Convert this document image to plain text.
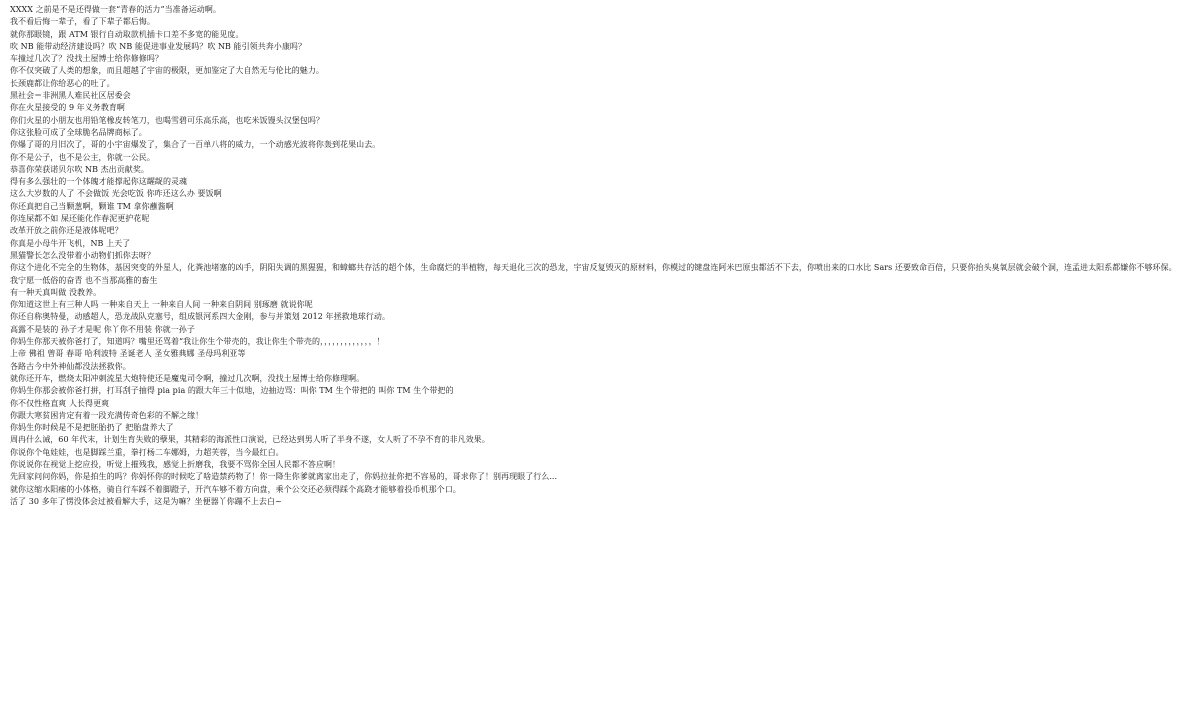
XXXX 之前是不是还得做一套“青春的活力”当准备运动啊。
我不看后悔一辈子，看了下辈子都后悔。
就你那眼镜，跟 ATM 银行自动取款机插卡口差不多宽的能见度。
吹 NB 能带动经济建设吗？吹 NB 能促进事业发展吗？吹 NB 能引领共奔小康吗？
车撞过几次了？没找土屋博士给你修修吗？
你不仅突破了人类的想象，而且超越了宇宙的极限，更加鉴定了大自然无与伦比的魅力。
长颈鹿都让你给恶心的吐了。
黑社会＝非洲黑人难民社区居委会
你在火星接受的 9 年义务教育啊
你们火星的小朋友也用铅笔橡皮转笔刀，也喝雪碧可乐高乐高，也吃米饭馒头汉堡包吗？
你这张脸可成了全球脆名品牌商标了。
你爆了哥的月旧次了，哥的小宇宙爆发了，集合了一百单八将的威力，一个动感光波将你轰到花果山去。
你不是公子，也不是公主，你就一公民。
恭喜你荣获诺贝尔吹 NB 杰出贡献奖。
得有多么强壮的一个体魄才能撑起你这龌龊的灵魂
这么大岁数的人了 不会做饭 光会吃饭 你咋还这么办 要饭啊
你还真把自己当颗葱啊，颗谁 TM 拿你蘸酱啊
你连屎都不如 屎还能化作春泥更护花呢
改革开放之前你还是液体呢吧？
你真是小母牛开飞机，NB 上天了
黑猫警长怎么没带着小动物们抓你去呀？
你这个进化不完全的生物体，基因突变的外星人，化粪池堵塞的凶手，阴阳失调的黑猩猩，和蟑螂共存活的超个体，生命腐烂的半植物，每天退化三次的恐龙，宇宙反复毁灭的原材料，你模过的键盘连阿米巴原虫都活不下去，你喷出来的口水比 Sars 还要致命百倍，只要你抬头臭氧层就会破个洞，连孟进太阳系都嫌你不够环保。
我宁愿一低俗的奋青 也不当那高雅的畜生
有一种天真叫做 没教养。
你知道这世上有三种人吗 一种来自天上 一种来自人间 一种来自阴间 别琢磨 就说你呢
你还自称奥特曼，动感超人，恐龙战队克塞号，组成银河系四大金刚，参与并策划 2012 年拯救地球行动。
高露不是装的 孙子才是呢 你丫你不用装 你就一孙子
你妈生你那天被你爸打了，知道吗？嘴里还骂着“我让你生个带壳的，我让你生个带壳的，，，，，，，，，，，，，！
上帝 佛祖 曾哥 春哥 哈利波特 圣诞老人 圣女雅典娜 圣母玛利亚等
各路古今中外神仙都没法拯救你。
就你还开车，燃烧太阳冲刺流星大炮特使还是魔鬼司令啊，撞过几次啊，没找土屋博士给你修理啊。
你妈生你那会被你爸打拼，打耳刮子抽得 pia pia 的跟大年三十似地，边抽边骂：叫你 TM 生个带把的 叫你 TM 生个带把的
你不仅性格直爽 人长得更爽
你跟大寒贫困肯定有着一段充满传奇色彩的不解之缘！
你妈生你时候是不是把胚胎扔了 把胎盘养大了
周冉什么诫，60 年代末，计划生育失败的孽果，其精彩的海派性口演说，已经达到男人听了半身不遂，女人听了不孕不育的非凡效果。
你说你个龟娃娃，也是脚踩兰重，拳打杨二车娜姆，力超芙蓉，当今最红白。
你说说你在视觉上挖应投，听觉上摧残我，感觉上折磨我，我要不骂你全国人民都不答应啊！
先回家问问你妈，你是拍生的吗？你妈怀你的时候吃了啥造禁药物了！你一降生你爹就离家出走了，你妈拉扯你把不容易的，哥求你了！别再现眼了行么...
就你这缩水阳痿的小体格，骑自行车踩不着脚蹬子，开汽车够不着方向盘，乘个公交还必须得踩个高跷才能够着投币机那个口。
活了 30 多年了愣没体会过被看解大手，这是为嘛？坐便器丫你蹦不上去白~
